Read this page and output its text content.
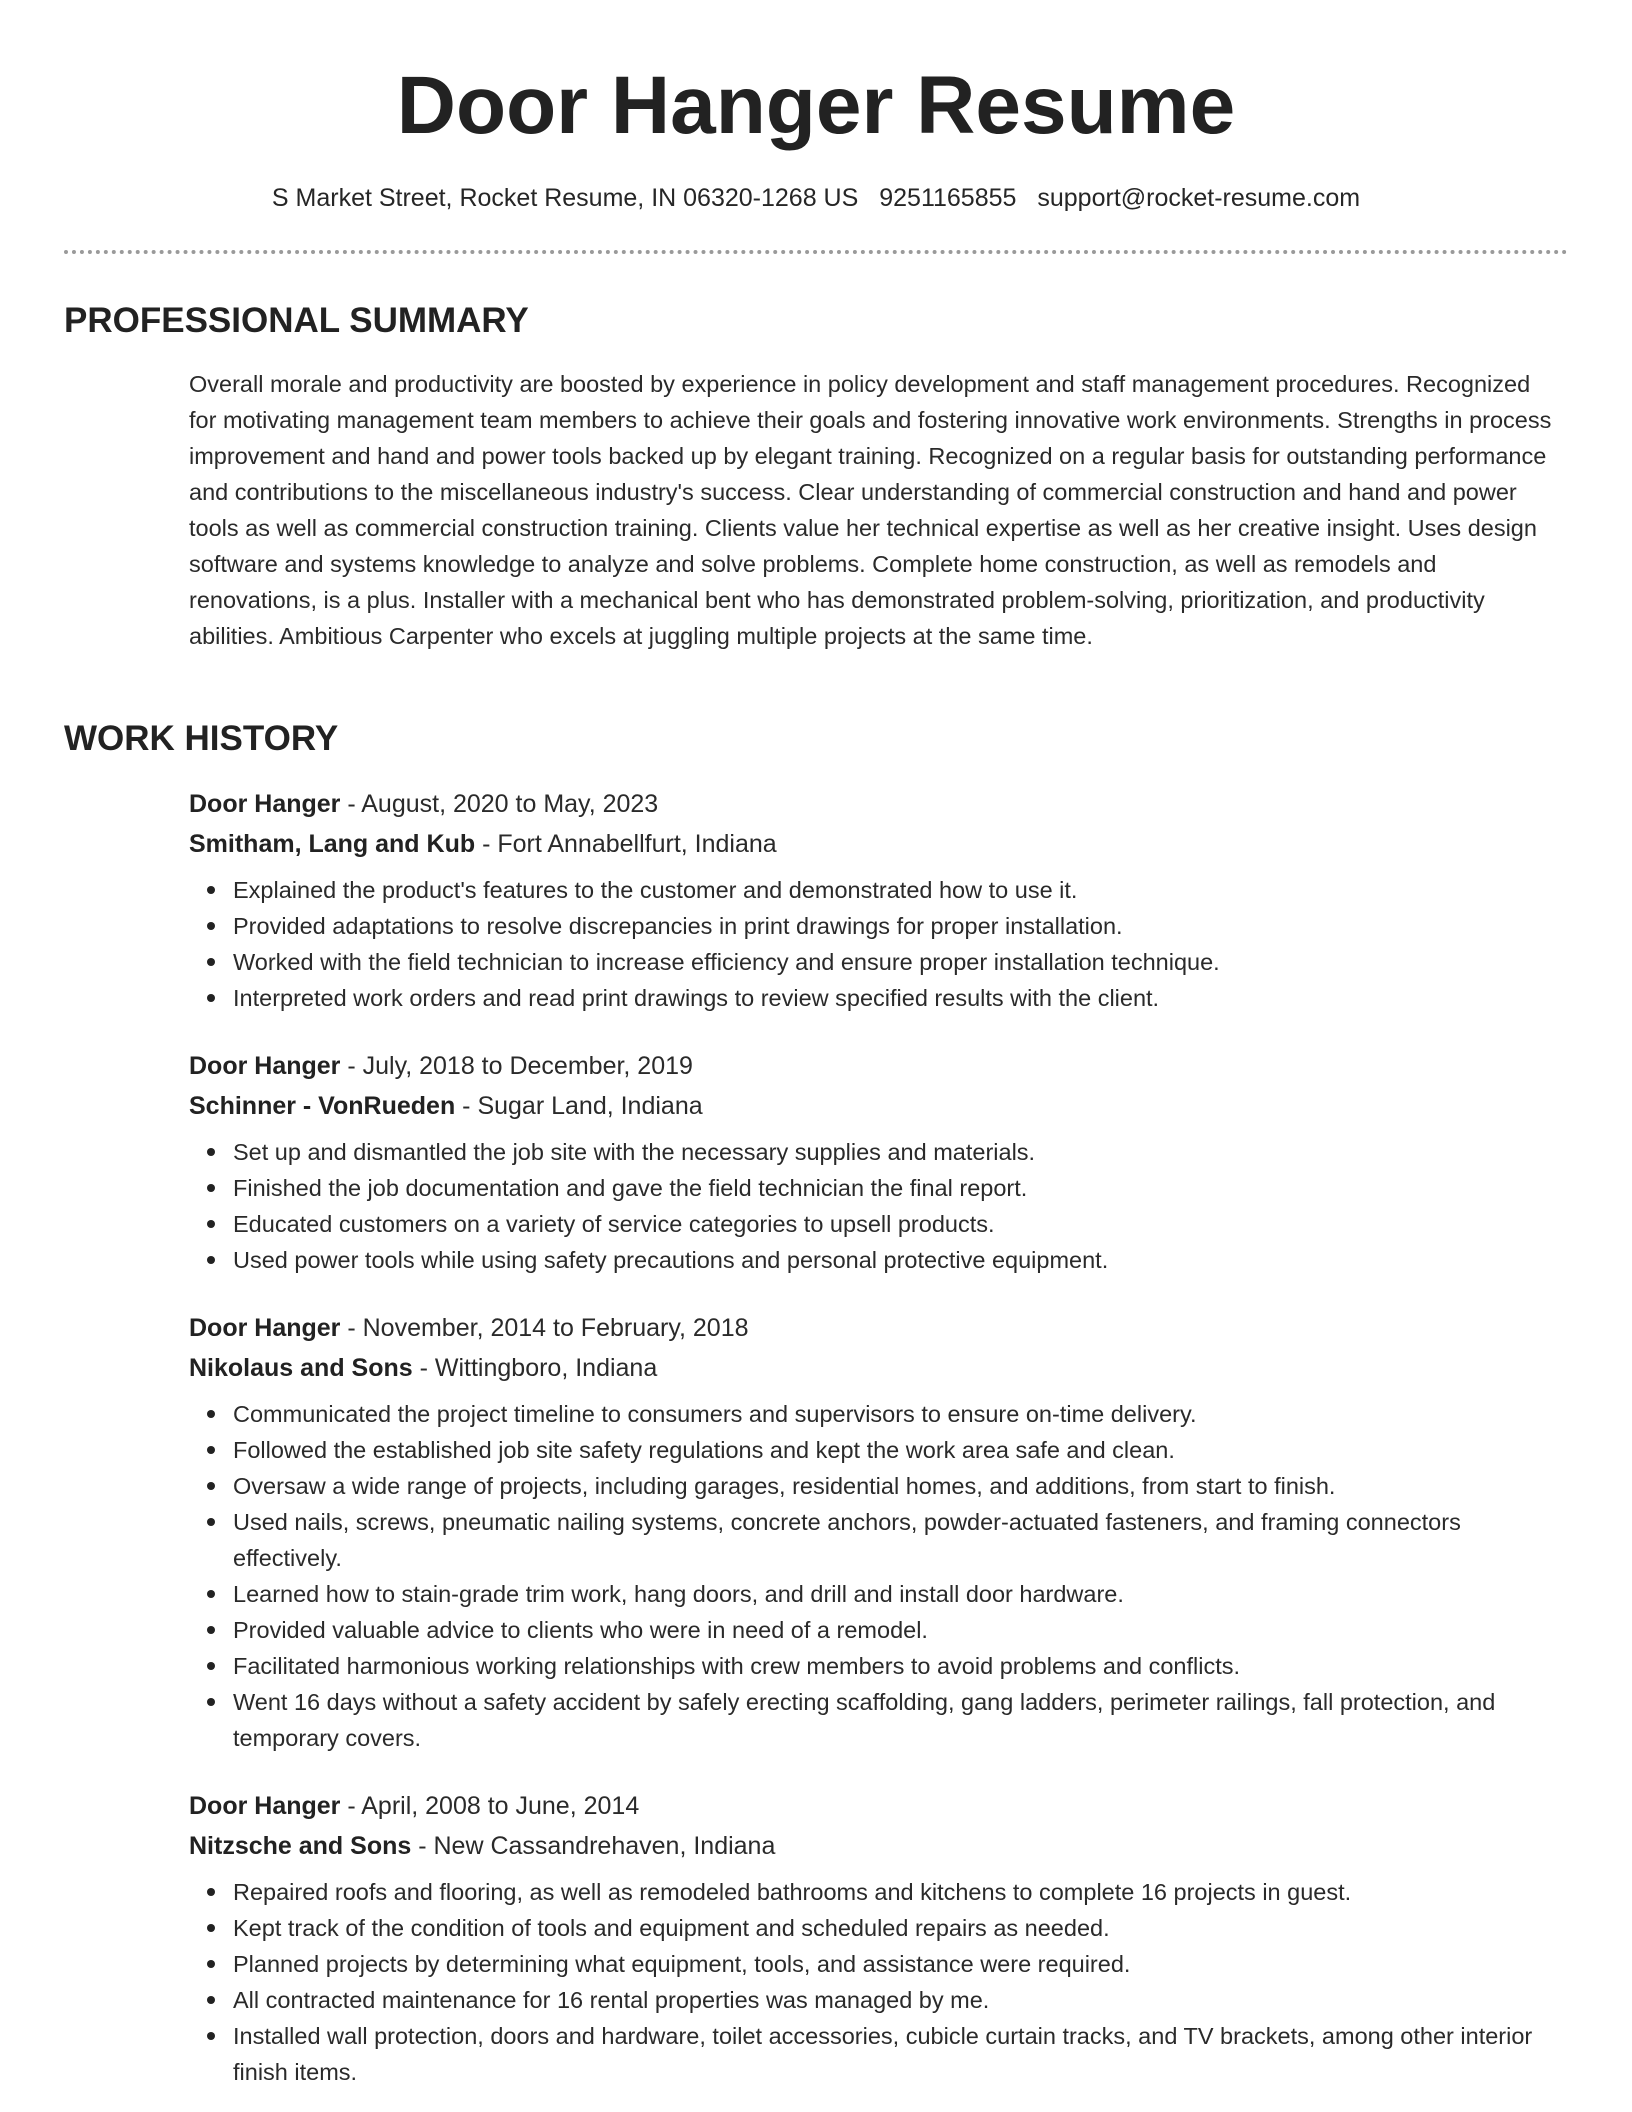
Door Hanger Resume
S Market Street, Rocket Resume, IN 06320-1268 US 9251165855 support@rocket-resume.com
PROFESSIONAL SUMMARY

Overall morale and productivity are boosted by experience in policy development and staff management procedures. Recognized for motivating management team members to achieve their goals and fostering innovative work environments. Strengths in process improvement and hand and power tools backed up by elegant training. Recognized on a regular basis for outstanding performance and contributions to the miscellaneous industry's success. Clear understanding of commercial construction and hand and power tools as well as commercial construction training. Clients value her technical expertise as well as her creative insight. Uses design software and systems knowledge to analyze and solve problems. Complete home construction, as well as remodels and renovations, is a plus. Installer with a mechanical bent who has demonstrated problem-solving, prioritization, and productivity abilities. Ambitious Carpenter who excels at juggling multiple projects at the same time.

WORK HISTORY
Door Hanger - August, 2020 to May, 2023
Smitham, Lang and Kub - Fort Annabellfurt, Indiana
Explained the product's features to the customer and demonstrated how to use it.
Provided adaptations to resolve discrepancies in print drawings for proper installation.
Worked with the field technician to increase efficiency and ensure proper installation technique.
Interpreted work orders and read print drawings to review specified results with the client.
Door Hanger - July, 2018 to December, 2019
Schinner - VonRueden - Sugar Land, Indiana
Set up and dismantled the job site with the necessary supplies and materials.
Finished the job documentation and gave the field technician the final report.
Educated customers on a variety of service categories to upsell products.
Used power tools while using safety precautions and personal protective equipment.
Door Hanger - November, 2014 to February, 2018
Nikolaus and Sons - Wittingboro, Indiana
Communicated the project timeline to consumers and supervisors to ensure on-time delivery.
Followed the established job site safety regulations and kept the work area safe and clean.
Oversaw a wide range of projects, including garages, residential homes, and additions, from start to finish.
Used nails, screws, pneumatic nailing systems, concrete anchors, powder-actuated fasteners, and framing connectors effectively.
Learned how to stain-grade trim work, hang doors, and drill and install door hardware.
Provided valuable advice to clients who were in need of a remodel.
Facilitated harmonious working relationships with crew members to avoid problems and conflicts.
Went 16 days without a safety accident by safely erecting scaffolding, gang ladders, perimeter railings, fall protection, and temporary covers.
Door Hanger - April, 2008 to June, 2014
Nitzsche and Sons - New Cassandrehaven, Indiana
Repaired roofs and flooring, as well as remodeled bathrooms and kitchens to complete 16 projects in guest.
Kept track of the condition of tools and equipment and scheduled repairs as needed.
Planned projects by determining what equipment, tools, and assistance were required.
All contracted maintenance for 16 rental properties was managed by me.
Installed wall protection, doors and hardware, toilet accessories, cubicle curtain tracks, and TV brackets, among other interior finish items.
